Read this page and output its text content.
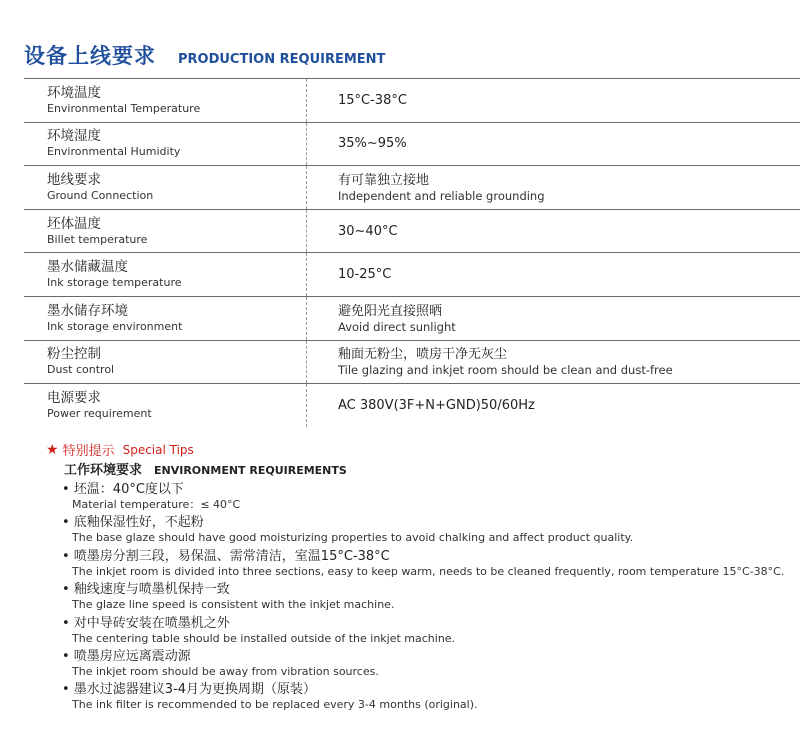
设备上线要求 PRODUCTION REQUIREMENT
环境温度
Environmental Temperature
15°C-38°C
环境湿度
Environmental Humidity
35%~95%
地线要求
Ground Connection
有可靠独立接地
Independent and reliable grounding
坯体温度
Billet temperature
30~40°C
墨水储藏温度
Ink storage temperature
10-25°C
墨水储存环境
Ink storage environment
避免阳光直接照晒
Avoid direct sunlight
粉尘控制
Dust control
釉面无粉尘，喷房干净无灰尘
Tile glazing and inkjet room should be clean and dust-free
电源要求
Power requirement
AC 380V(3F+N+GND)50/60Hz
★ 特别提示 Special Tips
工作环境要求 ENVIRONMENT REQUIREMENTS
• 坯温：40°C度以下
Material temperature：≤ 40°C
• 底釉保湿性好，不起粉
The base glaze should have good moisturizing properties to avoid chalking and affect product quality.
• 喷墨房分割三段，易保温、需常清洁，室温15°C-38°C
The inkjet room is divided into three sections, easy to keep warm, needs to be cleaned frequently, room temperature 15°C-38°C.
• 釉线速度与喷墨机保持一致
The glaze line speed is consistent with the inkjet machine.
• 对中导砖安装在喷墨机之外
The centering table should be installed outside of the inkjet machine.
• 喷墨房应远离震动源
The inkjet room should be away from vibration sources.
• 墨水过滤器建议3-4月为更换周期（原装）
The ink filter is recommended to be replaced every 3-4 months (original).
